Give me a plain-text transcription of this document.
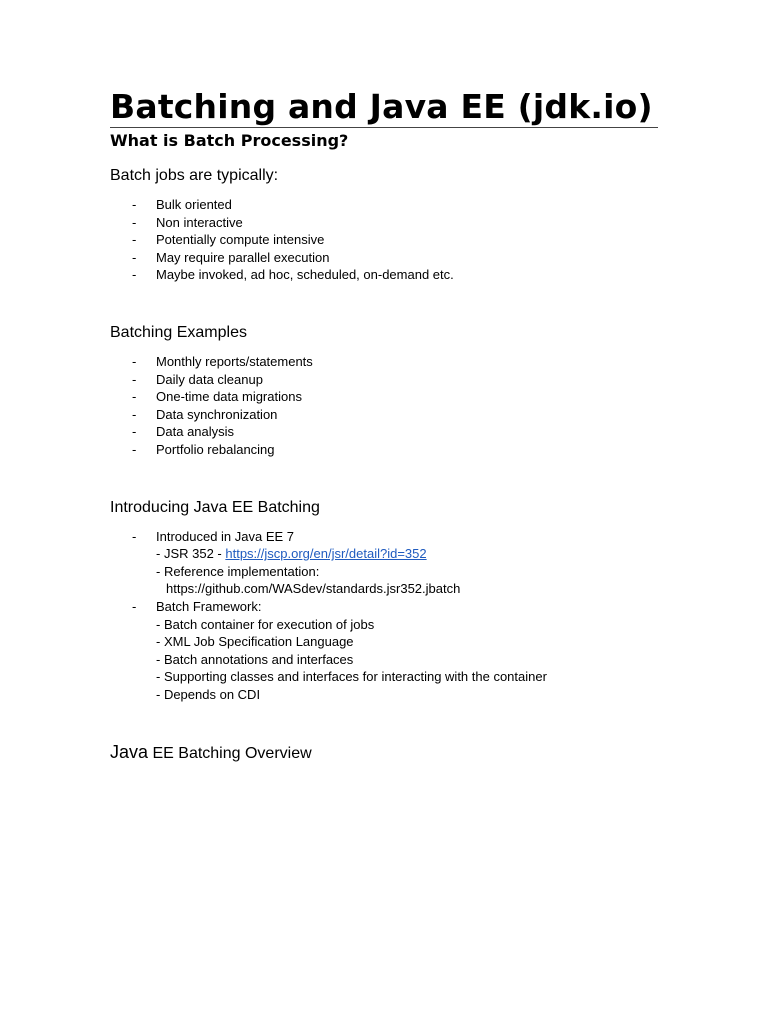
Batching and Java EE (jdk.io)
What is Batch Processing?
Batch jobs are typically:
- Bulk oriented
- Non interactive
- Potentially compute intensive
- May require parallel execution
- Maybe invoked, ad hoc, scheduled, on-demand etc.
Batching Examples
- Monthly reports/statements
- Daily data cleanup
- One-time data migrations
- Data synchronization
- Data analysis
- Portfolio rebalancing
Introducing Java EE Batching
- Introduced in Java EE 7
- JSR 352 - https://jscp.org/en/jsr/detail?id=352
- Reference implementation:
https://github.com/WASdev/standards.jsr352.jbatch
- Batch Framework:
- Batch container for execution of jobs
- XML Job Specification Language
- Batch annotations and interfaces
- Supporting classes and interfaces for interacting with the container
- Depends on CDI
Java EE Batching Overview
